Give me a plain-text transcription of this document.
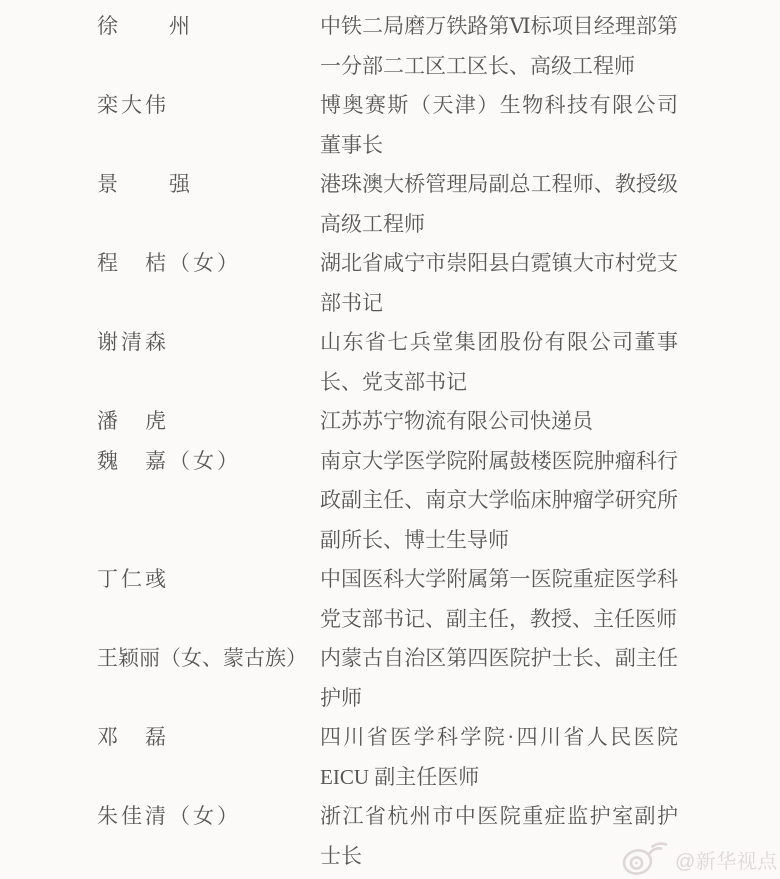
徐　　州	中铁二局磨万铁路第Ⅵ标项目经理部第
一分部二工区工区长、高级工程师
栾大伟	博奥赛斯（天津）生物科技有限公司
董事长
景　　强	港珠澳大桥管理局副总工程师、教授级
高级工程师
程　桔（女）	湖北省咸宁市崇阳县白霓镇大市村党支
部书记
谢清森	山东省七兵堂集团股份有限公司董事
长、党支部书记
潘　虎	江苏苏宁物流有限公司快递员
魏　嘉（女）	南京大学医学院附属鼓楼医院肿瘤科行
政副主任、南京大学临床肿瘤学研究所
副所长、博士生导师
丁仁彧	中国医科大学附属第一医院重症医学科
党支部书记、副主任，教授、主任医师
王颖丽（女、蒙古族） 内蒙古自治区第四医院护士长、副主任
护师
邓　磊	四川省医学科学院·四川省人民医院
EICU 副主任医师
朱佳清（女）	浙江省杭州市中医院重症监护室副护
士长	@新华视点
